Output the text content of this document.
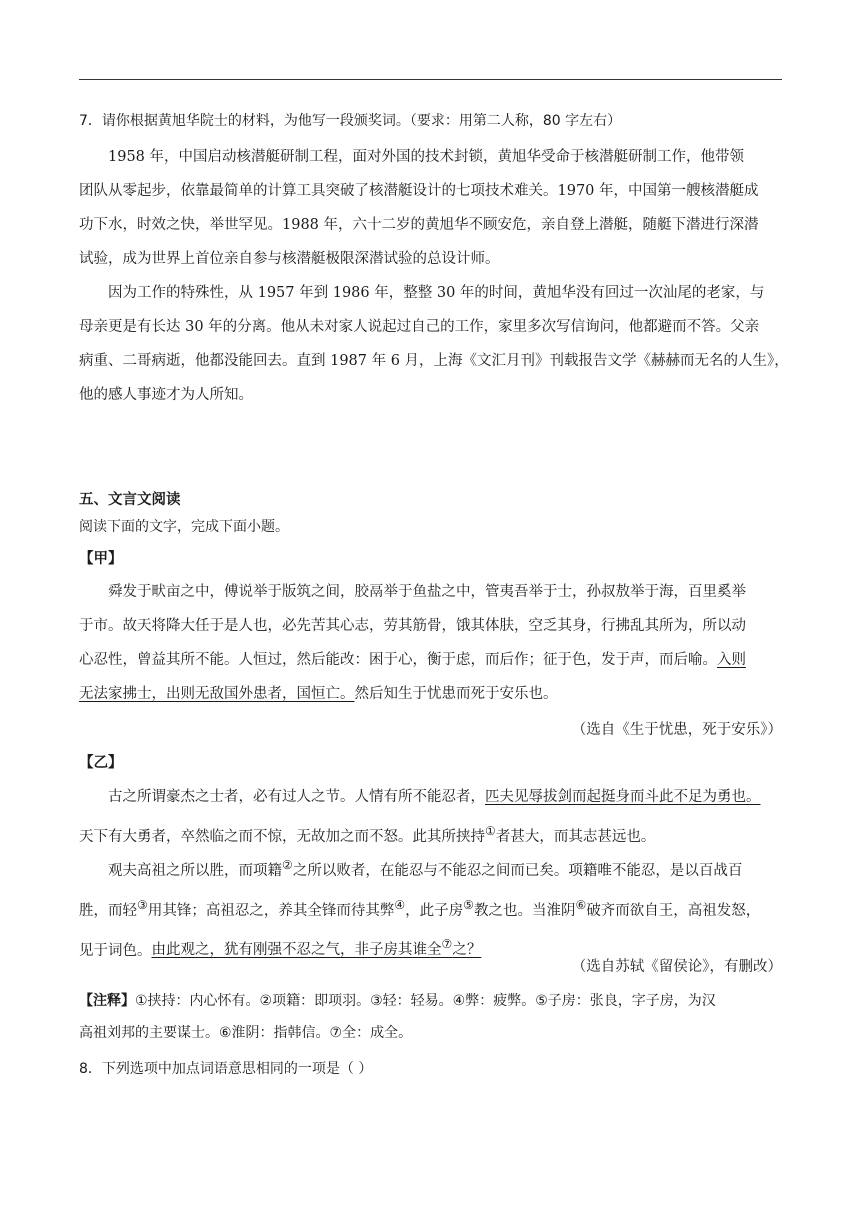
7．请你根据黄旭华院士的材料，为他写一段颁奖词。（要求：用第二人称，80 字左右）
1958 年，中国启动核潜艇研制工程，面对外国的技术封锁，黄旭华受命于核潜艇研制工作，他带领
团队从零起步，依靠最简单的计算工具突破了核潜艇设计的七项技术难关。1970 年，中国第一艘核潜艇成
功下水，时效之快，举世罕见。1988 年，六十二岁的黄旭华不顾安危，亲自登上潜艇，随艇下潜进行深潜
试验，成为世界上首位亲自参与核潜艇极限深潜试验的总设计师。
因为工作的特殊性，从 1957 年到 1986 年，整整 30 年的时间，黄旭华没有回过一次汕尾的老家，与
母亲更是有长达 30 年的分离。他从未对家人说起过自己的工作，家里多次写信询问，他都避而不答。父亲
病重、二哥病逝，他都没能回去。直到 1987 年 6 月，上海《文汇月刊》刊载报告文学《赫赫而无名的人生》，
他的感人事迹才为人所知。
五、文言文阅读
阅读下面的文字，完成下面小题。
【甲】
舜发于畎亩之中，傅说举于版筑之间，胶鬲举于鱼盐之中，管夷吾举于士，孙叔敖举于海，百里奚举
于市。故天将降大任于是人也，必先苦其心志，劳其筋骨，饿其体肤，空乏其身，行拂乱其所为，所以动
心忍性，曾益其所不能。人恒过，然后能改：困于心，衡于虑，而后作；征于色，发于声，而后喻。入则
无法家拂士，出则无敌国外患者，国恒亡。然后知生于忧患而死于安乐也。
（选自《生于忧患，死于安乐》）
【乙】
古之所谓豪杰之士者，必有过人之节。人情有所不能忍者，匹夫见辱拔剑而起挺身而斗此不足为勇也。
天下有大勇者，卒然临之而不惊，无故加之而不怒。此其所挟持①者甚大，而其志甚远也。
观夫高祖之所以胜，而项籍②之所以败者，在能忍与不能忍之间而已矣。项籍唯不能忍，是以百战百
胜，而轻③用其锋；高祖忍之，养其全锋而待其弊④，此子房⑤教之也。当淮阴⑥破齐而欲自王，高祖发怒，
见于词色。由此观之，犹有刚强不忍之气，非子房其谁全⑦之？
（选自苏轼《留侯论》，有删改）
【注释】①挟持：内心怀有。②项籍：即项羽。③轻：轻易。④弊：疲弊。⑤子房：张良，字子房，为汉
高祖刘邦的主要谋士。⑥淮阴：指韩信。⑦全：成全。
8．下列选项中加点词语意思相同的一项是（ ）
